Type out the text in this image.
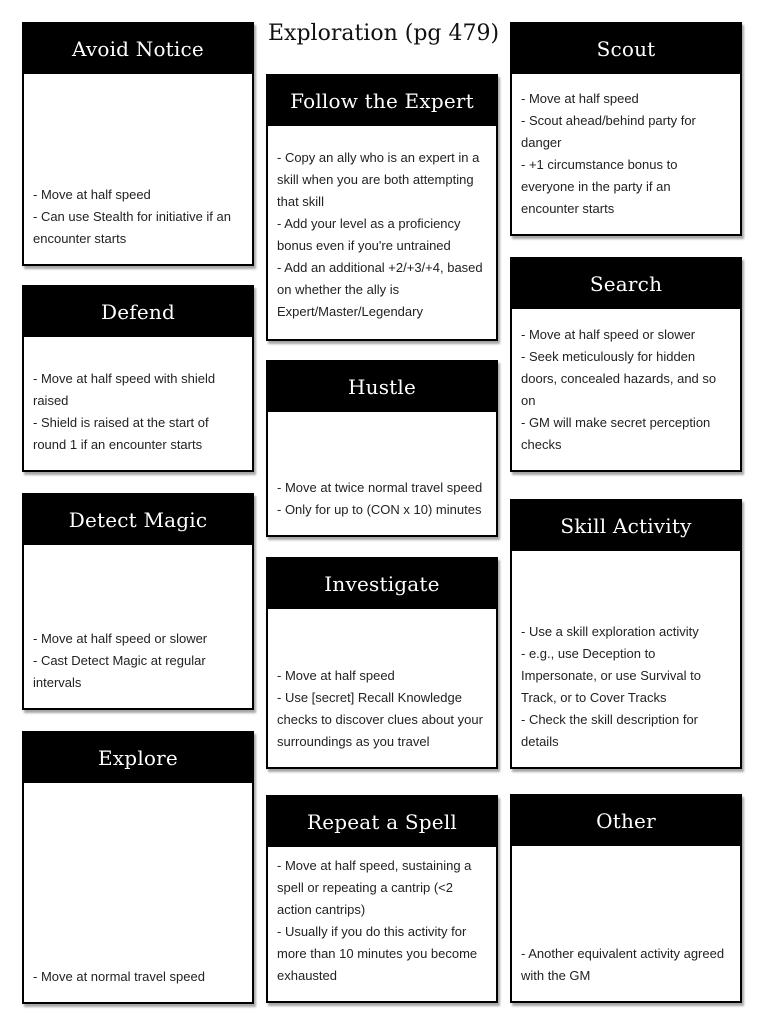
Exploration (pg 479)
Avoid Notice
- Move at half speed
- Can use Stealth for initiative if an encounter starts
Defend
- Move at half speed with shield raised
- Shield is raised at the start of round 1 if an encounter starts
Detect Magic
- Move at half speed or slower
- Cast Detect Magic at regular intervals
Explore
- Move at normal travel speed
Follow the Expert
- Copy an ally who is an expert in a skill when you are both attempting that skill
- Add your level as a proficiency bonus even if you're untrained
- Add an additional +2/+3/+4, based on whether the ally is Expert/Master/Legendary
Hustle
- Move at twice normal travel speed
- Only for up to (CON x 10) minutes
Investigate
- Move at half speed
- Use [secret] Recall Knowledge checks to discover clues about your surroundings as you travel
Repeat a Spell
- Move at half speed, sustaining a spell or repeating a cantrip (<2 action cantrips)
- Usually if you do this activity for more than 10 minutes you become exhausted
Scout
- Move at half speed
- Scout ahead/behind party for danger
- +1 circumstance bonus to everyone in the party if an encounter starts
Search
- Move at half speed or slower
- Seek meticulously for hidden doors, concealed hazards, and so on
- GM will make secret perception checks
Skill Activity
- Use a skill exploration activity
- e.g., use Deception to Impersonate, or use Survival to Track, or to Cover Tracks
- Check the skill description for details
Other
- Another equivalent activity agreed with the GM
